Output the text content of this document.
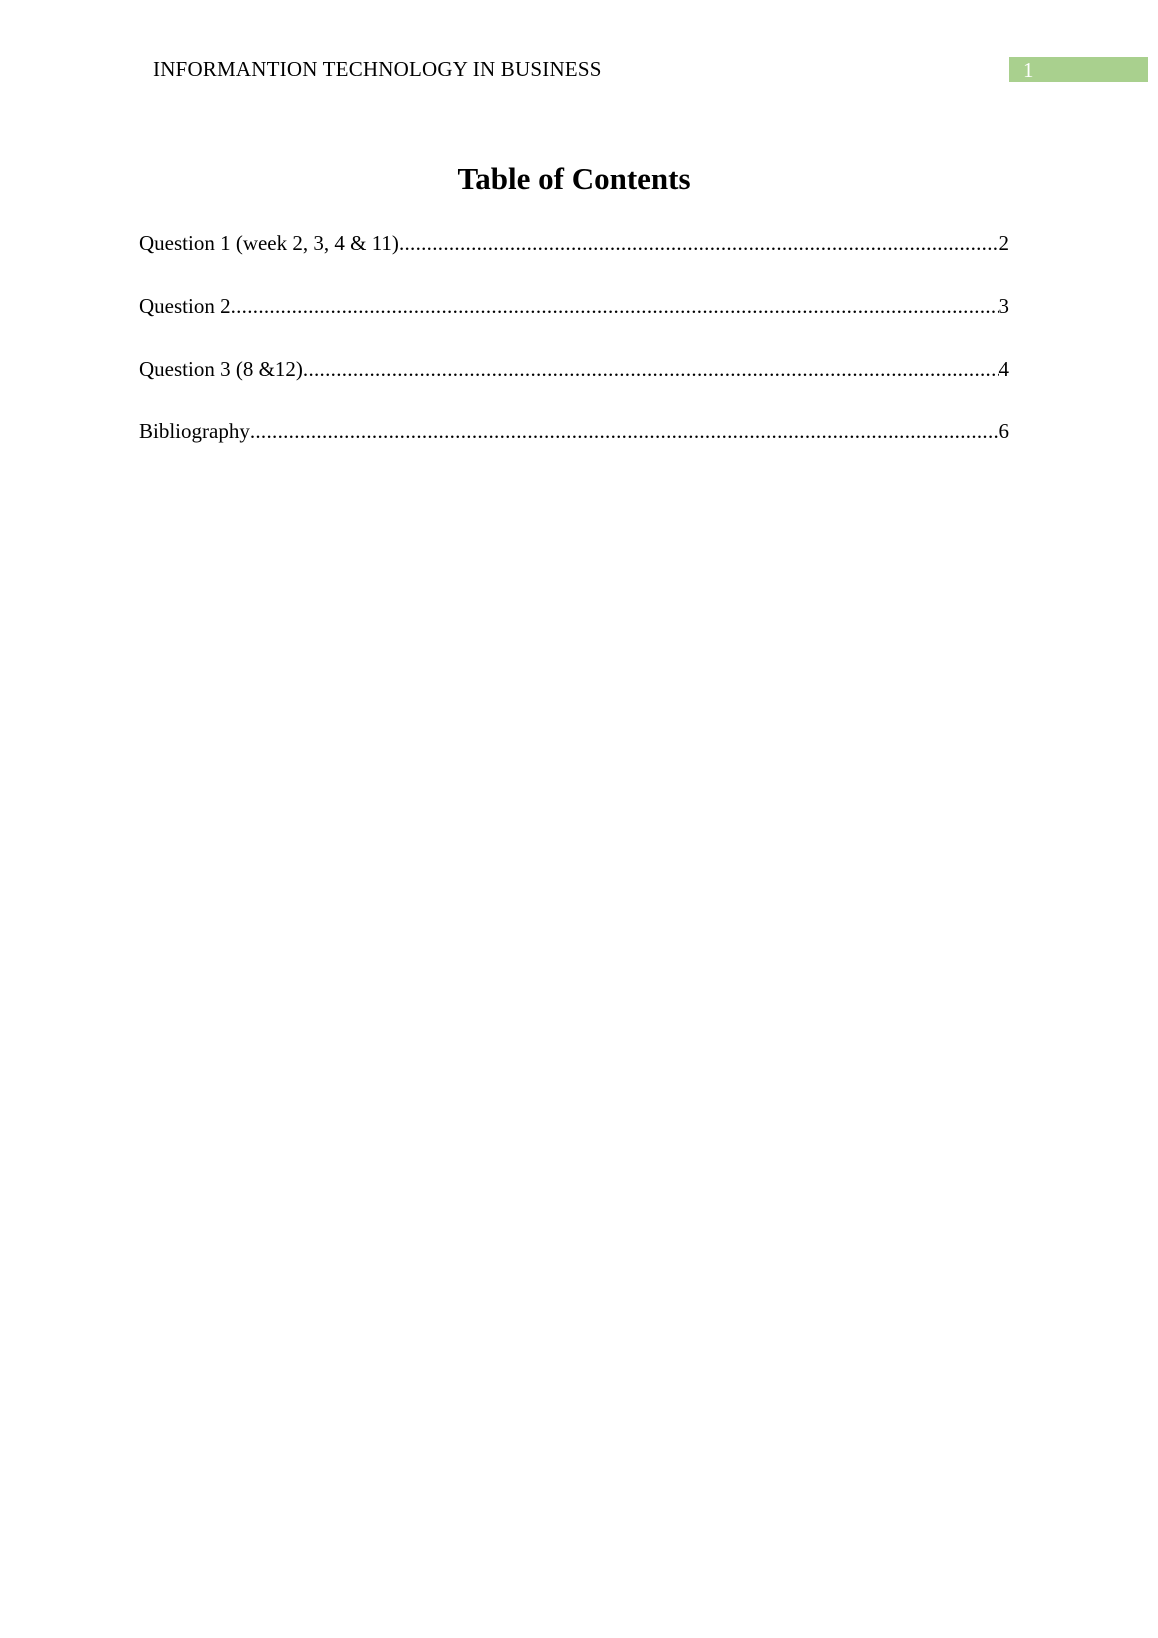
INFORMANTION TECHNOLOGY IN BUSINESS	1
Table of Contents
Question 1 (week 2, 3, 4 & 11) .....	2
Question 2 .....	3
Question 3 (8 &12) .....	4
Bibliography .....	6
